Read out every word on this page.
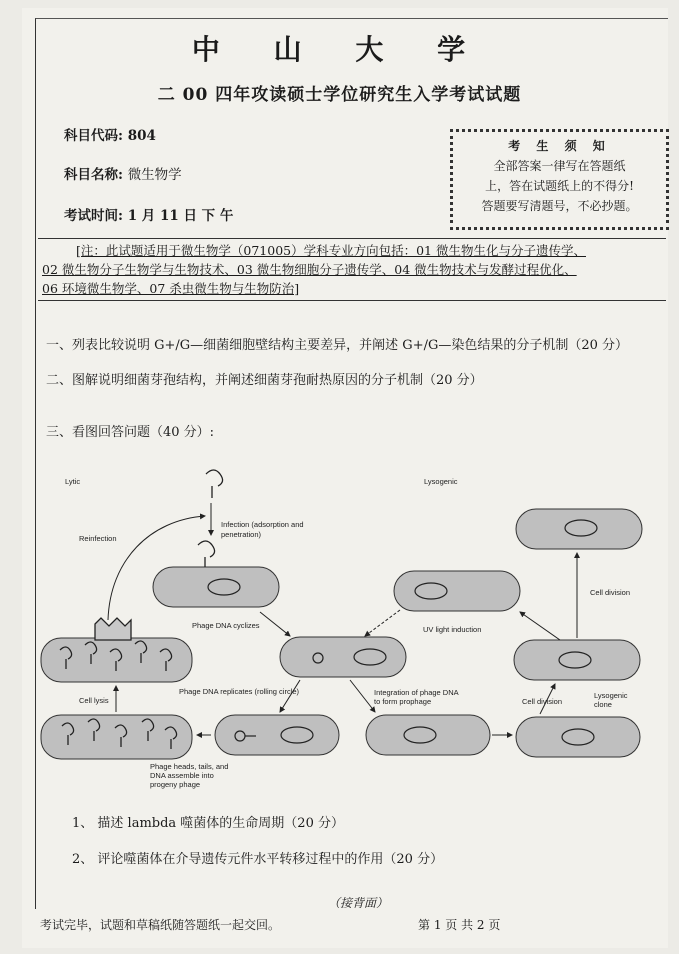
中 山 大 学
二 00 四年攻读硕士学位研究生入学考试试题
科目代码: 804
科目名称: 微生物学
考试时间: 1 月 11 日 下 午
考 生 须 知
全部答案一律写在答题纸
上，答在试题纸上的不得分!
答题要写清题号，不必抄题。
[注：此试题适用于微生物学（071005）学科专业方向包括：01 微生物生化与分子遗传学、
02 微生物分子生物学与生物技术、03 微生物细胞分子遗传学、04 微生物技术与发酵过程优化、
06 环境微生物学、07 杀虫微生物与生物防治]
一、列表比较说明 G+/G—细菌细胞壁结构主要差异，并阐述 G+/G—染色结果的分子机制（20 分）
二、图解说明细菌芽孢结构，并阐述细菌芽孢耐热原因的分子机制（20 分）
三、看图回答问题（40 分）:
Lytic	Lysogenic
Reinfection
Infection (adsorption and
penetration)
Phage DNA cyclizes	UV light induction
Cell division
Cell lysis
Phage DNA replicates (rolling circle)	Integration of phage DNA
to form prophage	Cell division
Lysogenic
clone
Phage heads, tails, and
DNA assemble into
progeny phage
1、 描述 lambda 噬菌体的生命周期（20 分）
2、 评论噬菌体在介导遗传元件水平转移过程中的作用（20 分）
（接背面）
考试完毕，试题和草稿纸随答题纸一起交回。	第 1 页 共 2 页
